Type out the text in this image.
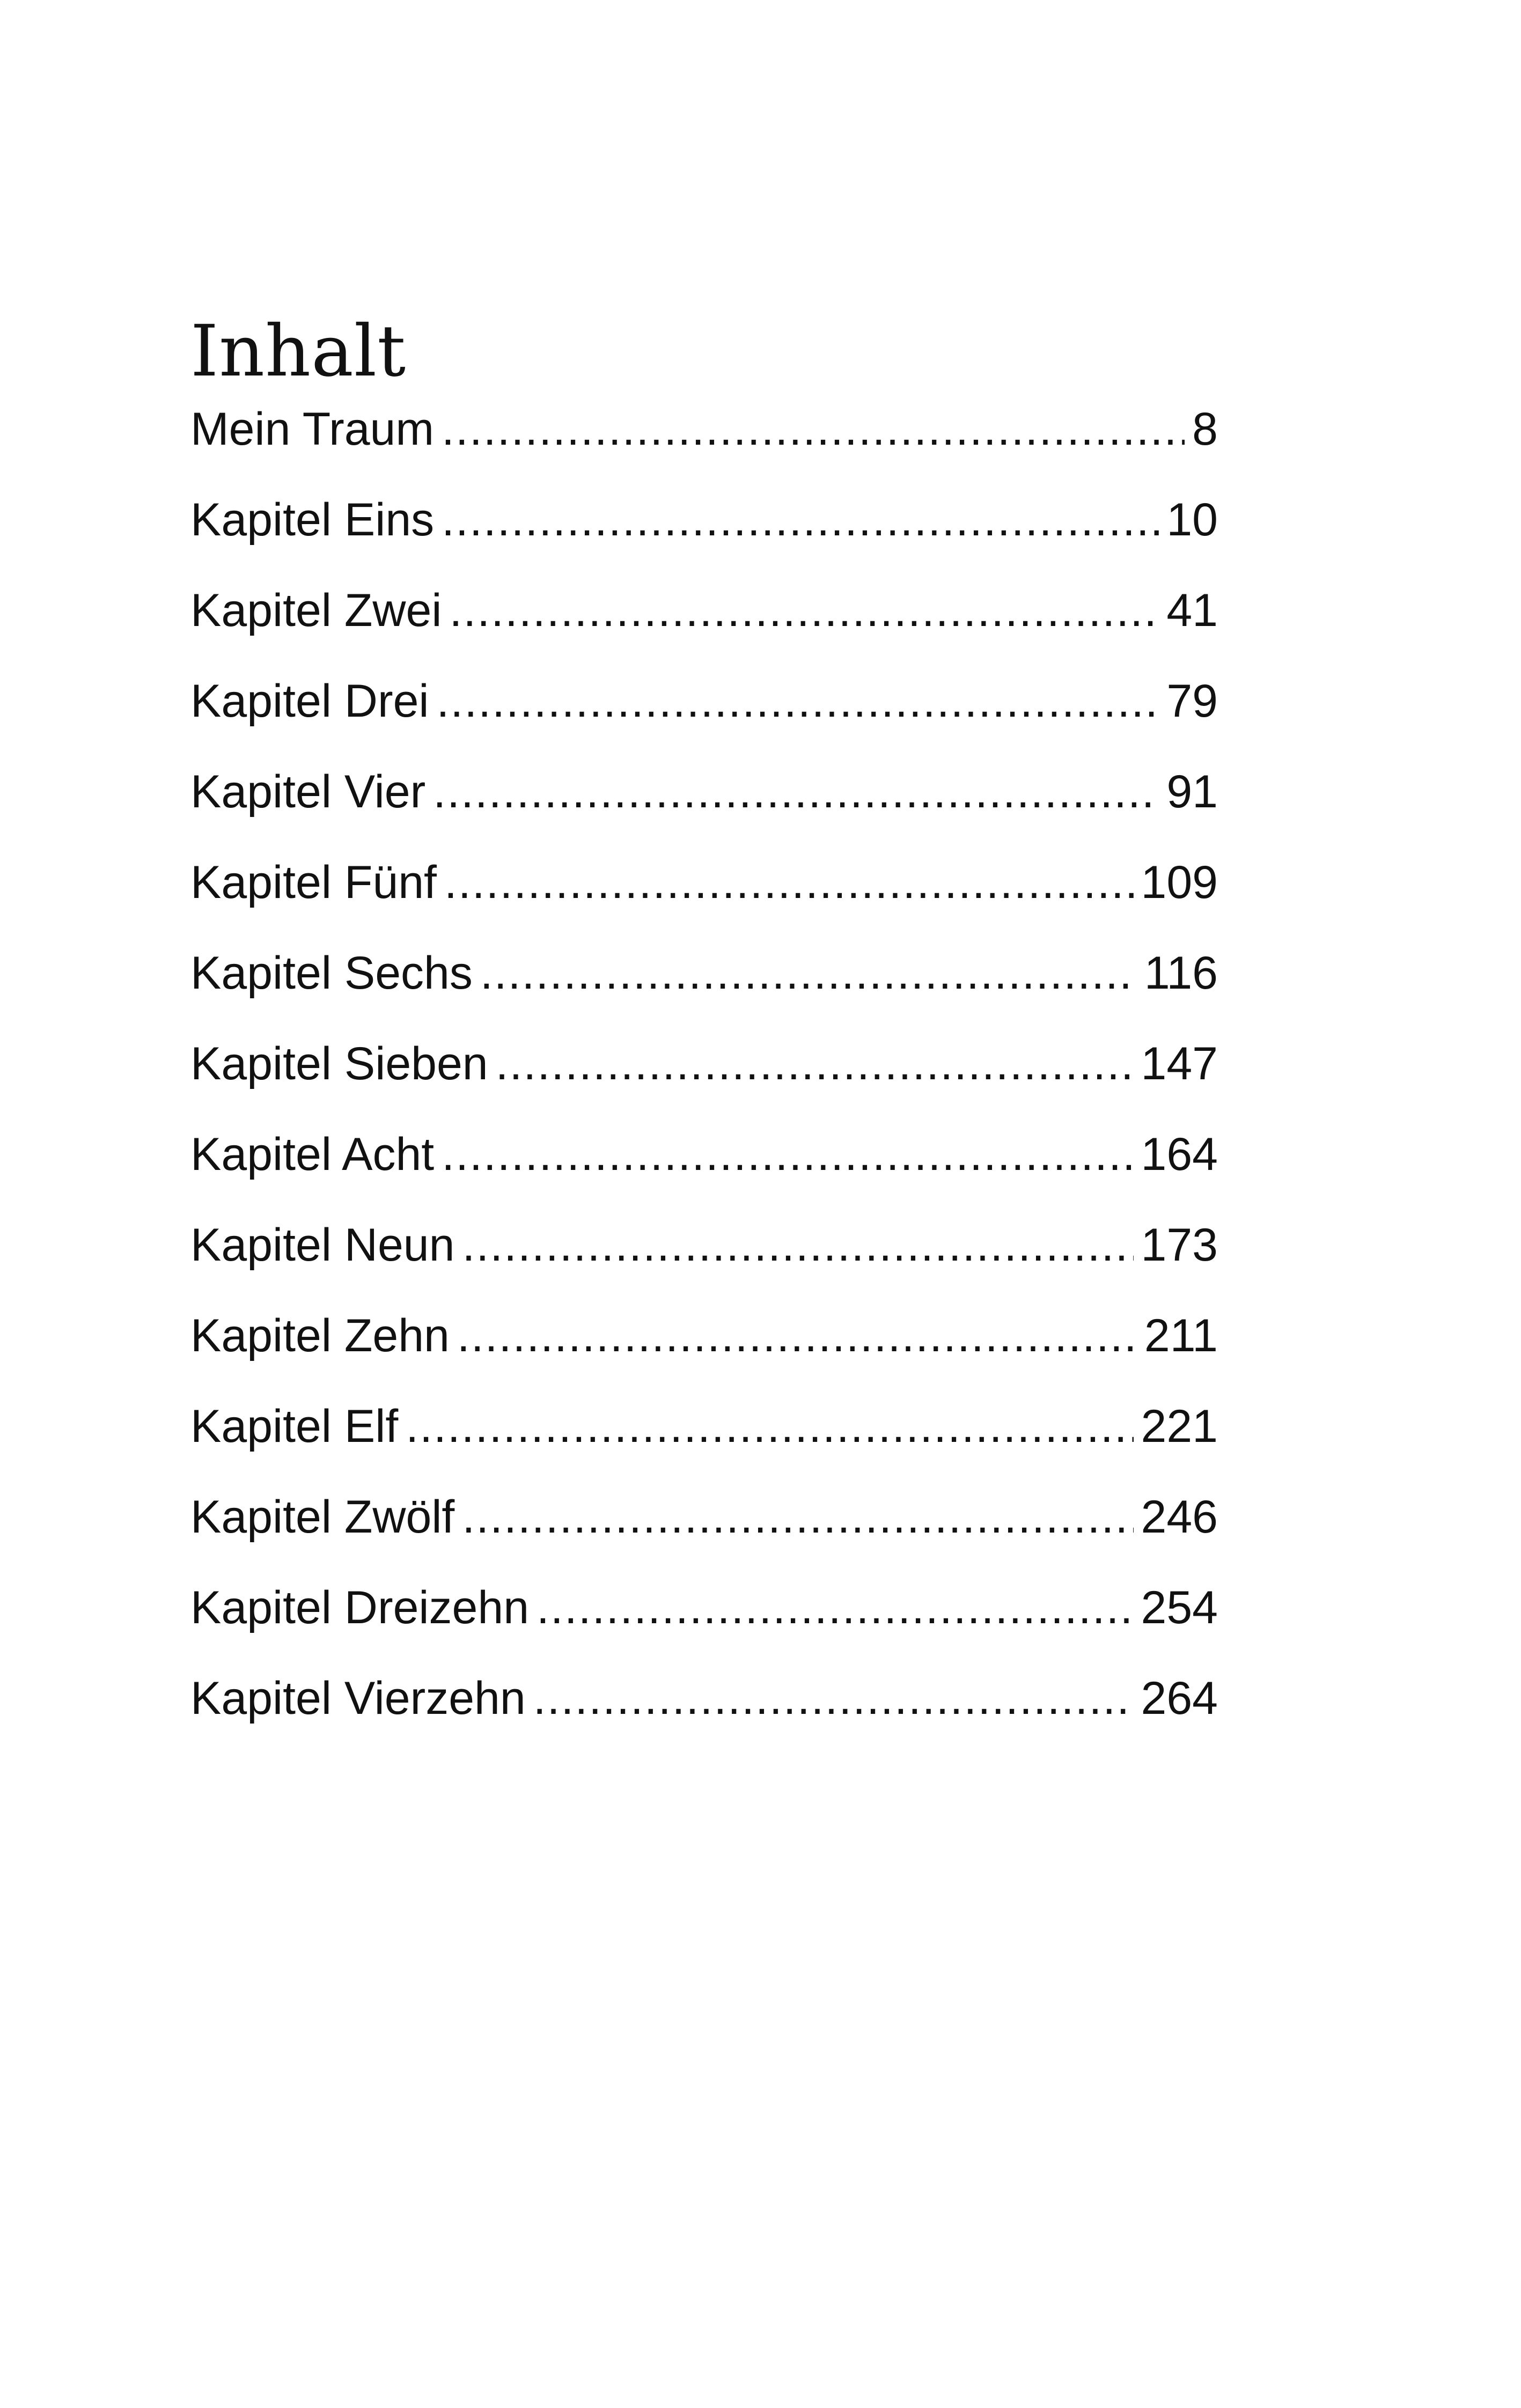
Inhalt
Mein Traum .....	8
Kapitel Eins .....	10
Kapitel Zwei .....	41
Kapitel Drei .....	79
Kapitel Vier .....	91
Kapitel Fünf .....	109
Kapitel Sechs .....	116
Kapitel Sieben .....	147
Kapitel Acht .....	164
Kapitel Neun .....	173
Kapitel Zehn .....	211
Kapitel Elf .....	221
Kapitel Zwölf .....	246
Kapitel Dreizehn .....	254
Kapitel Vierzehn .....	264
